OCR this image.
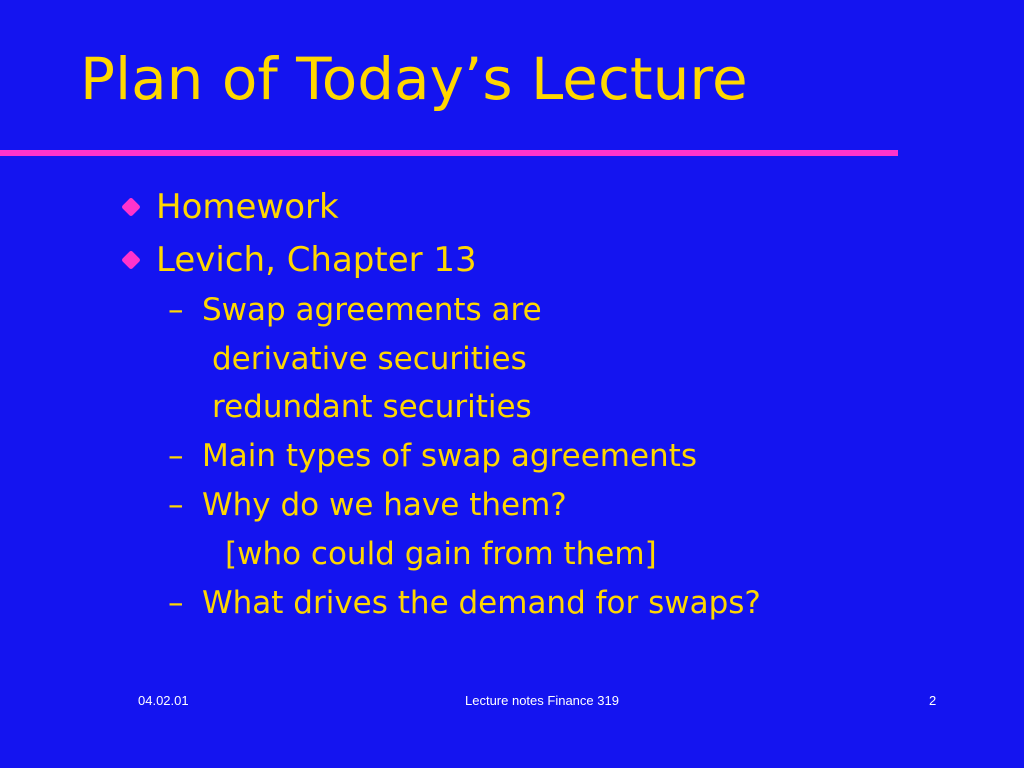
Plan of Today’s Lecture
Homework
Levich, Chapter 13
– Swap agreements are
derivative securities
redundant securities
– Main types of swap agreements
– Why do we have them?
[who could gain from them]
– What drives the demand for swaps?
04.02.01	Lecture notes Finance 319	2
